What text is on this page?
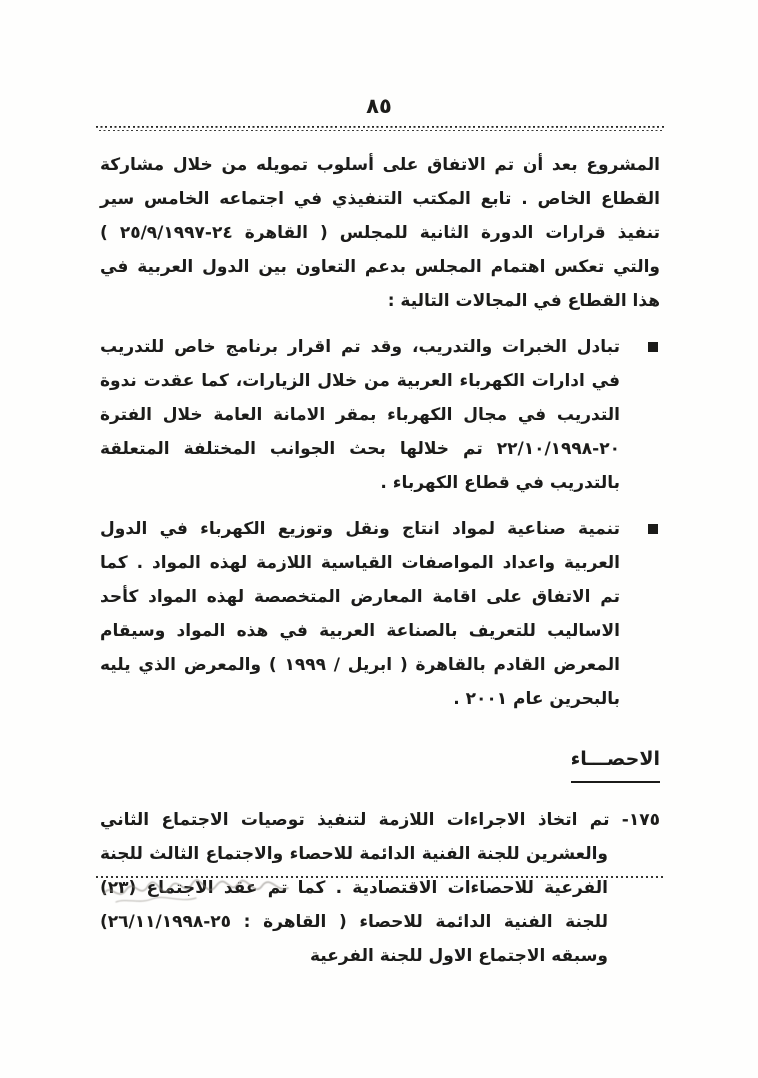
٨٥

المشروع بعد أن تم الاتفاق على أسلوب تمويله من خلال مشاركة القطاع الخاص . تابع المكتب التنفيذي في اجتماعه الخامس سير تنفيذ قرارات الدورة الثانية للمجلس ( القاهرة ٢٤-٢٥/٩/١٩٩٧ ) والتي تعكس اهتمام المجلس بدعم التعاون بين الدول العربية في هذا القطاع في المجالات التالية :

تبادل الخبرات والتدريب، وقد تم اقرار برنامج خاص للتدريب في ادارات الكهرباء العربية من خلال الزيارات، كما عقدت ندوة التدريب في مجال الكهرباء بمقر الامانة العامة خلال الفترة ٢٠-٢٢/١٠/١٩٩٨ تم خلالها بحث الجوانب المختلفة المتعلقة بالتدريب في قطاع الكهرباء .
تنمية صناعية لمواد انتاج ونقل وتوزيع الكهرباء في الدول العربية واعداد المواصفات القياسية اللازمة لهذه المواد . كما تم الاتفاق على اقامة المعارض المتخصصة لهذه المواد كأحد الاساليب للتعريف بالصناعة العربية في هذه المواد وسيقام المعرض القادم بالقاهرة ( ابريل / ١٩٩٩ ) والمعرض الذي يليه بالبحرين عام ٢٠٠١ .
الاحصـــاء

١٧٥- تم اتخاذ الاجراءات اللازمة لتنفيذ توصيات الاجتماع الثاني والعشرين للجنة الفنية الدائمة للاحصاء والاجتماع الثالث للجنة الفرعية للاحصاءات الاقتصادية . كما تم عقد الاجتماع (٢٣) للجنة الفنية الدائمة للاحصاء ( القاهرة : ٢٥-٢٦/١١/١٩٩٨) وسبقه الاجتماع الاول للجنة الفرعية
